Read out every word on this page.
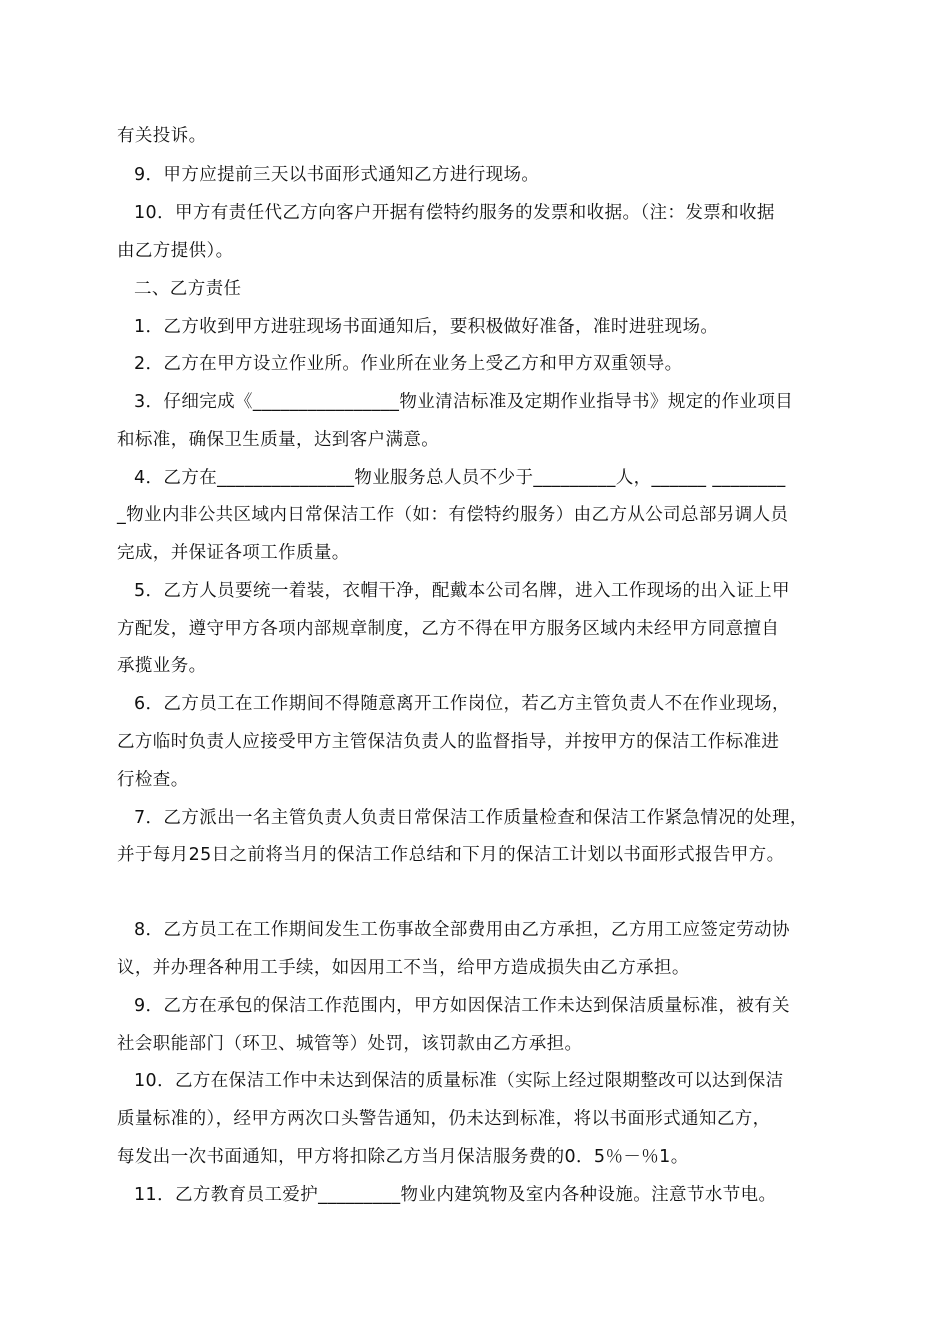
有关投诉。
9．甲方应提前三天以书面形式通知乙方进行现场。
10．甲方有责任代乙方向客户开据有偿特约服务的发票和收据。（注：发票和收据
由乙方提供）。
二、乙方责任
1．乙方收到甲方进驻现场书面通知后，要积极做好准备，准时进驻现场。
2．乙方在甲方设立作业所。作业所在业务上受乙方和甲方双重领导。
3．仔细完成《________________物业清洁标准及定期作业指导书》规定的作业项目
和标准，确保卫生质量，达到客户满意。
4．乙方在_______________物业服务总人员不少于_________人，______ ________
_物业内非公共区域内日常保洁工作（如：有偿特约服务）由乙方从公司总部另调人员
完成，并保证各项工作质量。
5．乙方人员要统一着装，衣帽干净，配戴本公司名牌，进入工作现场的出入证上甲
方配发，遵守甲方各项内部规章制度，乙方不得在甲方服务区域内未经甲方同意擅自
承揽业务。
6．乙方员工在工作期间不得随意离开工作岗位，若乙方主管负责人不在作业现场，
乙方临时负责人应接受甲方主管保洁负责人的监督指导，并按甲方的保洁工作标准进
行检查。
7．乙方派出一名主管负责人负责日常保洁工作质量检查和保洁工作紧急情况的处理，
并于每月25日之前将当月的保洁工作总结和下月的保洁工计划以书面形式报告甲方。
8．乙方员工在工作期间发生工伤事故全部费用由乙方承担，乙方用工应签定劳动协
议，并办理各种用工手续，如因用工不当，给甲方造成损失由乙方承担。
9．乙方在承包的保洁工作范围内，甲方如因保洁工作未达到保洁质量标准，被有关
社会职能部门（环卫、城管等）处罚，该罚款由乙方承担。
10．乙方在保洁工作中未达到保洁的质量标准（实际上经过限期整改可以达到保洁
质量标准的），经甲方两次口头警告通知，仍未达到标准，将以书面形式通知乙方，
每发出一次书面通知，甲方将扣除乙方当月保洁服务费的0．5％－％1。
11．乙方教育员工爱护_________物业内建筑物及室内各种设施。注意节水节电。
